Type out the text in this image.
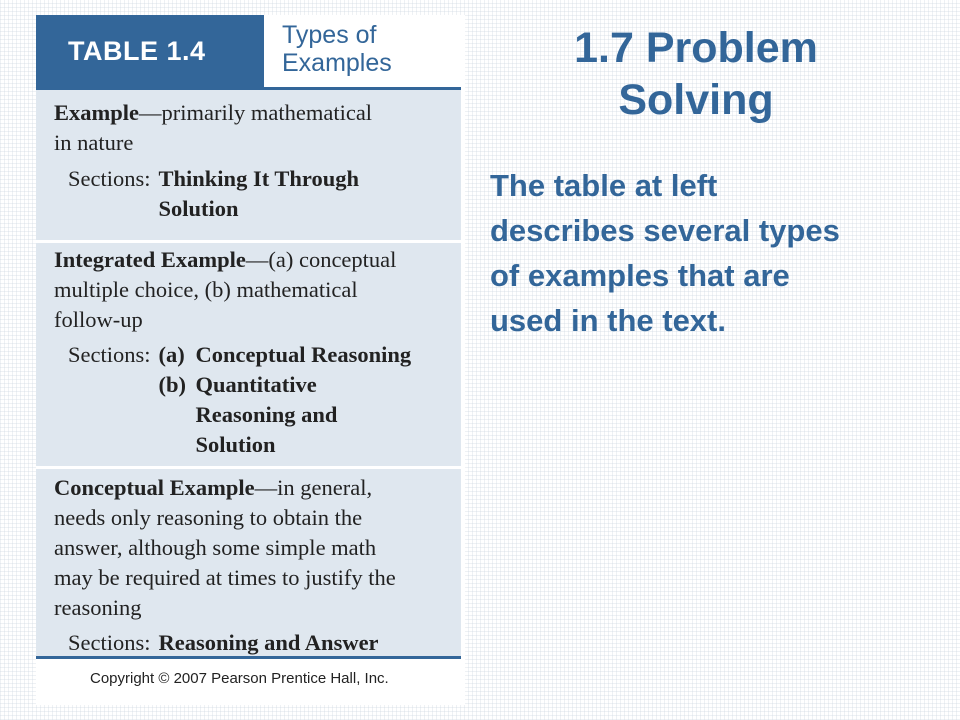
TABLE 1.4
Types of
Examples
Example—primarily mathematical
in nature
Sections: Thinking It Through
Solution
Integrated Example—(a) conceptual
multiple choice, (b) mathematical
follow-up
Sections: (a) Conceptual Reasoning
(b) Quantitative
Reasoning and
Solution
Conceptual Example—in general,
needs only reasoning to obtain the
answer, although some simple math
may be required at times to justify the
reasoning
Sections: Reasoning and Answer
Copyright © 2007 Pearson Prentice Hall, Inc.
1.7 Problem
Solving
The table at left
describes several types
of examples that are
used in the text.
